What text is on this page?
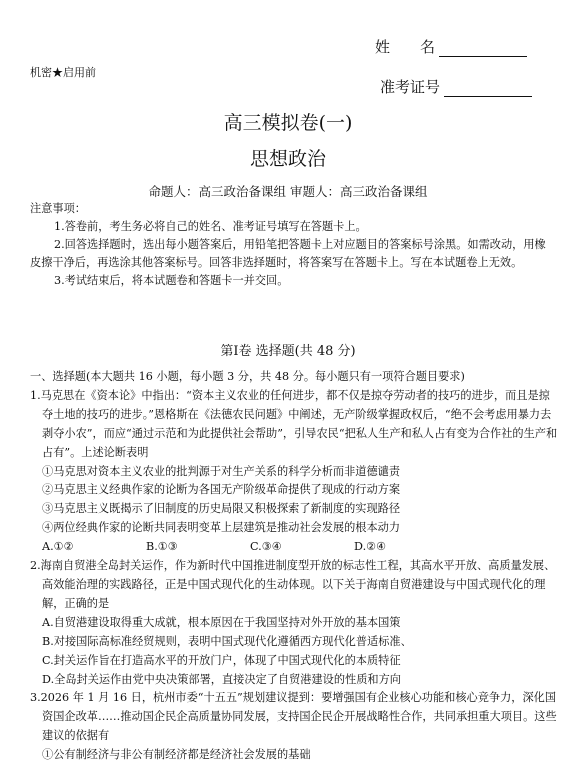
姓　　名
机密★启用前
准考证号
高三模拟卷(一)
思想政治
命题人：高三政治备课组 审题人：高三政治备课组

注意事项：

1.答卷前，考生务必将自己的姓名、准考证号填写在答题卡上。

2.回答选择题时，选出每小题答案后，用铅笔把答题卡上对应题目的答案标号涂黑。如需改动，用橡皮擦干净后，再选涂其他答案标号。回答非选择题时，将答案写在答题卡上。写在本试题卷上无效。

3.考试结束后，将本试题卷和答题卡一并交回。

第Ⅰ卷 选择题(共 48 分)

一、选择题(本大题共 16 小题，每小题 3 分，共 48 分。每小题只有一项符合题目要求)

1.马克思在《资本论》中指出：“资本主义农业的任何进步，都不仅是掠夺劳动者的技巧的进步，而且是掠夺土地的技巧的进步。”恩格斯在《法德农民问题》中阐述，无产阶级掌握政权后，“绝不会考虑用暴力去剥夺小农”，而应“通过示范和为此提供社会帮助”，引导农民“把私人生产和私人占有变为合作社的生产和占有”。上述论断表明

①马克思对资本主义农业的批判源于对生产关系的科学分析而非道德谴责

②马克思主义经典作家的论断为各国无产阶级革命提供了现成的行动方案

③马克思主义既揭示了旧制度的历史局限又积极探索了新制度的实现路径

④两位经典作家的论断共同表明变革上层建筑是推动社会发展的根本动力

A.①②	B.①③	C.③④	D.②④

2.海南自贸港全岛封关运作，作为新时代中国推进制度型开放的标志性工程，其高水平开放、高质量发展、高效能治理的实践路径，正是中国式现代化的生动体现。以下关于海南自贸港建设与中国式现代化的理解，正确的是

A.自贸港建设取得重大成就，根本原因在于我国坚持对外开放的基本国策

B.对接国际高标准经贸规则，表明中国式现代化遵循西方现代化普适标准、

C.封关运作旨在打造高水平的开放门户，体现了中国式现代化的本质特征

D.全岛封关运作由党中央决策部署，直接决定了自贸港建设的性质和方向

3.2026 年 1 月 16 日，杭州市委“十五五”规划建议提到：要增强国有企业核心功能和核心竞争力，深化国资国企改革……推动国企民企高质量协同发展，支持国企民企开展战略性合作，共同承担重大项目。这些建议的依据有

①公有制经济与非公有制经济都是经济社会发展的基础
